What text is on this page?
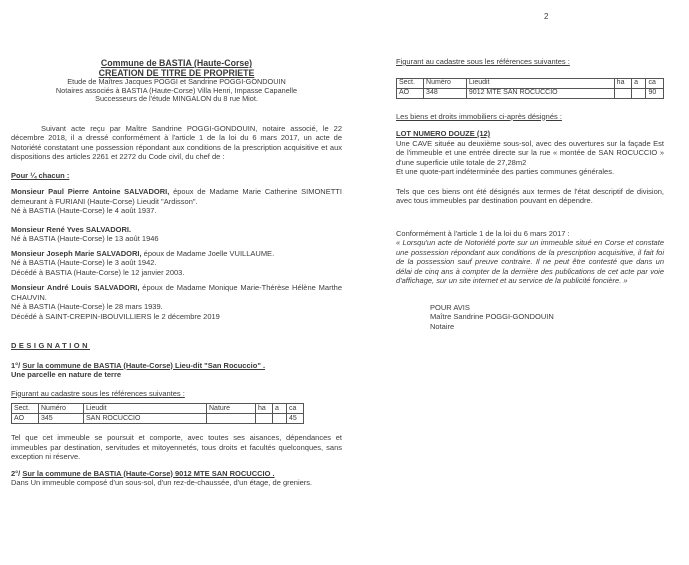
Commune de BASTIA (Haute-Corse)
CREATION DE TITRE DE PROPRIETE
Etude de Maîtres Jacques POGGI et Sandrine POGGI-GONDOUIN
Notaires associés à BASTIA (Haute-Corse) Villa Henri, Impasse Capanelle
Successeurs de l'étude MINGALON du 8 rue Miot.
Suivant acte reçu par Maître Sandrine POGGI-GONDOUIN, notaire associé, le 22 décembre 2018, il a dressé conformément à l'article 1 de la loi du 6 mars 2017, un acte de Notoriété constatant une possession répondant aux conditions de la prescription acquisitive et aux dispositions des articles 2261 et 2272 du Code civil, du chef de :
Pour ¼ chacun :
Monsieur Paul Pierre Antoine SALVADORI, époux de Madame Marie Catherine SIMONETTI demeurant à FURIANI (Haute-Corse) Lieudit "Ardisson".
Né à BASTIA (Haute-Corse) le 4 août 1937.
Monsieur René Yves SALVADORI.
Né à BASTIA (Haute-Corse) le 13 août 1946
Monsieur Joseph Marie SALVADORI, époux de Madame Joelle VUILLAUME.
Né à BASTIA (Haute-Corse) le 3 août 1942.
Décédé à BASTIA (Haute-Corse) le 12 janvier 2003.
Monsieur André Louis SALVADORI, époux de Madame Monique Marie-Thérèse Hélène Marthe CHAUVIN.
Né à BASTIA (Haute-Corse) le 28 mars 1939.
Décédé à SAINT-CREPIN-IBOUVILLIERS le 2 décembre 2019
DESIGNATION
1°/ Sur la commune de BASTIA (Haute-Corse) Lieu-dit "San Rocuccio" .
Une parcelle en nature de terre
Figurant au cadastre sous les références suivantes :
Sect.	Numéro	Lieudit	Nature	ha	a	ca
AO	345	SAN ROCUCCIO				45
Tel que cet immeuble se poursuit et comporte, avec toutes ses aisances, dépendances et immeubles par destination, servitudes et mitoyennetés, tous droits et facultés quelconques, sans exception ni réserve.
2°/ Sur la commune de BASTIA (Haute-Corse) 9012 MTE SAN ROCUCCIO .
Dans Un immeuble composé d'un sous-sol, d'un rez-de-chaussée, d'un étage, de greniers.
2
Figurant au cadastre sous les références suivantes :
Sect.	Numéro	Lieudit	ha	a	ca
AO	348	9012 MTE SAN ROCUCCIO			90
Les biens et droits immobiliers ci-après désignés :
LOT NUMERO DOUZE (12)
Une CAVE située au deuxième sous-sol, avec des ouvertures sur la façade Est de l'immeuble et une entrée directe sur la rue « montée de SAN ROCUCCIO » d'une superficie utile totale de 27,28m2
Et une quote-part indéterminée des parties communes générales.
Tels que ces biens ont été désignés aux termes de l'état descriptif de division, avec tous immeubles par destination pouvant en dépendre.
Conformément à l'article 1 de la loi du 6 mars 2017 :
« Lorsqu'un acte de Notoriété porte sur un immeuble situé en Corse et constate une possession répondant aux conditions de la prescription acquisitive, il fait foi de la possession sauf preuve contraire. Il ne peut être contesté que dans un délai de cinq ans à compter de la dernière des publications de cet acte par voie d'affichage, sur un site internet et au service de la publicité foncière. »
POUR AVIS
Maître Sandrine POGGI-GONDOUIN
Notaire
